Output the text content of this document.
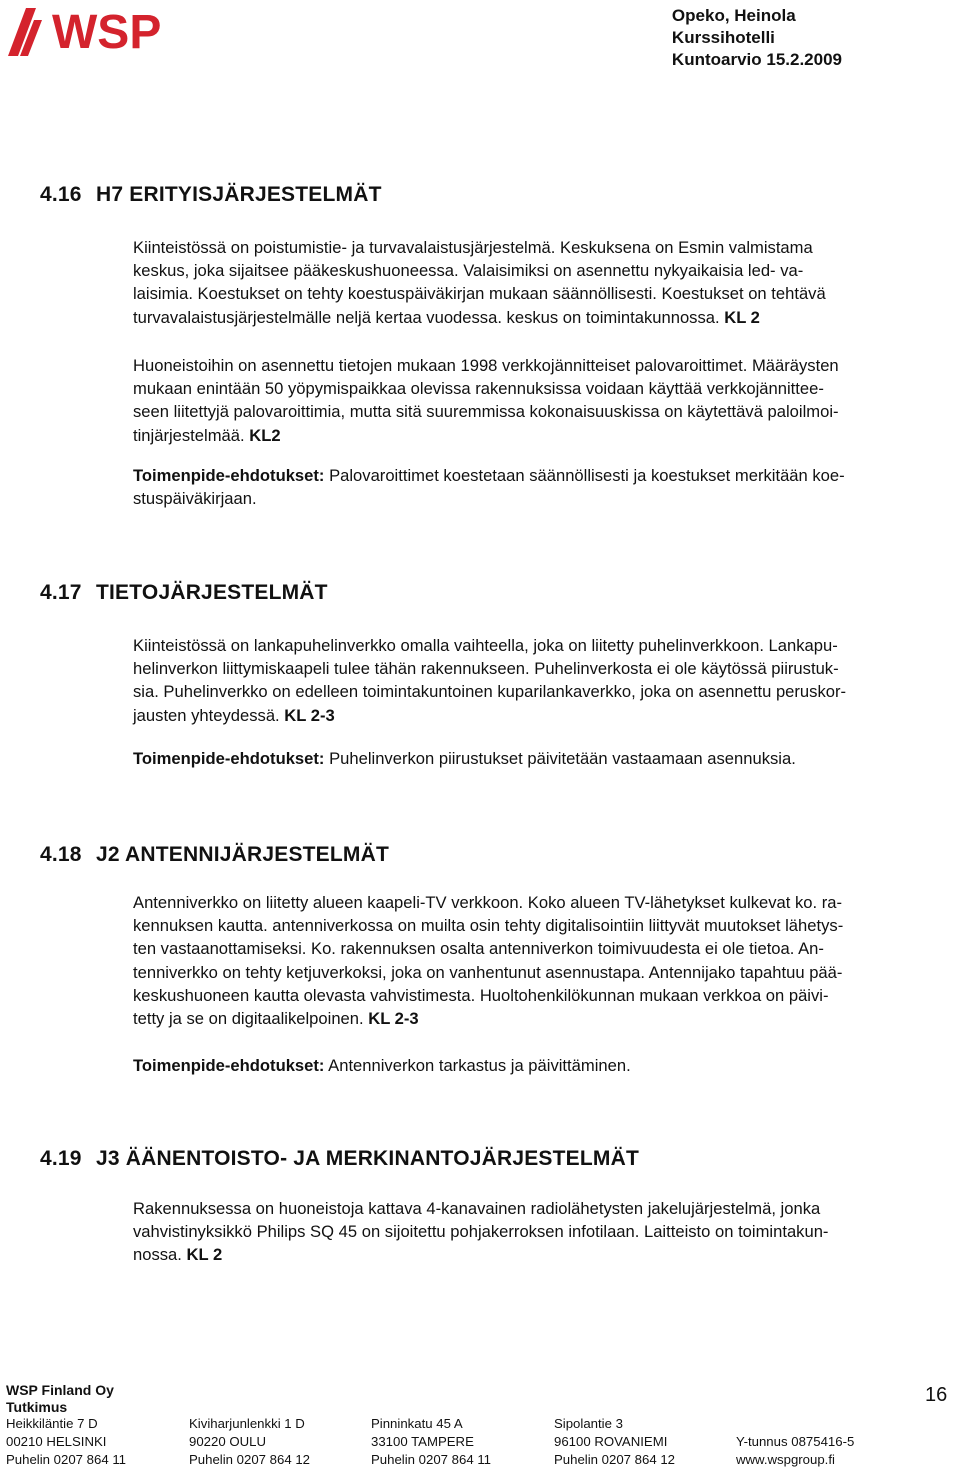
WSP	Opeko, Heinola
Kurssihotelli
Kuntoarvio 15.2.2009
4.16 H7 ERITYISJÄRJESTELMÄT
Kiinteistössä on poistumistie- ja turvavalaistusjärjestelmä. Keskuksena on Esmin valmistama
keskus, joka sijaitsee pääkeskushuoneessa. Valaisimiksi on asennettu nykyaikaisia led- va-
laisimia. Koestukset on tehty koestuspäiväkirjan mukaan säännöllisesti. Koestukset on tehtävä
turvavalaistusjärjestelmälle neljä kertaa vuodessa. keskus on toimintakunnossa. KL 2
Huoneistoihin on asennettu tietojen mukaan 1998 verkkojännitteiset palovaroittimet. Määräysten
mukaan enintään 50 yöpymispaikkaa olevissa rakennuksissa voidaan käyttää verkkojännittee-
seen liitettyjä palovaroittimia, mutta sitä suuremmissa kokonaisuuskissa on käytettävä paloilmoi-
tinjärjestelmää. KL2
Toimenpide-ehdotukset: Palovaroittimet koestetaan säännöllisesti ja koestukset merkitään koe-
stuspäiväkirjaan.
4.17 TIETOJÄRJESTELMÄT
Kiinteistössä on lankapuhelinverkko omalla vaihteella, joka on liitetty puhelinverkkoon. Lankapu-
helinverkon liittymiskaapeli tulee tähän rakennukseen. Puhelinverkosta ei ole käytössä piirustuk-
sia. Puhelinverkko on edelleen toimintakuntoinen kuparilankaverkko, joka on asennettu peruskor-
jausten yhteydessä. KL 2-3
Toimenpide-ehdotukset: Puhelinverkon piirustukset päivitetään vastaamaan asennuksia.
4.18 J2 ANTENNIJÄRJESTELMÄT
Antenniverkko on liitetty alueen kaapeli-TV verkkoon. Koko alueen TV-lähetykset kulkevat ko. ra-
kennuksen kautta. antenniverkossa on muilta osin tehty digitalisointiin liittyvät muutokset lähetys-
ten vastaanottamiseksi. Ko. rakennuksen osalta antenniverkon toimivuudesta ei ole tietoa. An-
tenniverkko on tehty ketjuverkoksi, joka on vanhentunut asennustapa. Antennijako tapahtuu pää-
keskushuoneen kautta olevasta vahvistimesta. Huoltohenkilökunnan mukaan verkkoa on päivi-
tetty ja se on digitaalikelpoinen. KL 2-3
Toimenpide-ehdotukset: Antenniverkon tarkastus ja päivittäminen.
4.19 J3 ÄÄNENTOISTO- JA MERKINANTOJÄRJESTELMÄT
Rakennuksessa on huoneistoja kattava 4-kanavainen radiolähetysten jakelujärjestelmä, jonka
vahvistinyksikkö Philips SQ 45 on sijoitettu pohjakerroksen infotilaan. Laitteisto on toimintakun-
nossa. KL 2
WSP Finland Oy
Tutkimus
16
Heikkiläntie 7 D
00210 HELSINKI
Puhelin 0207 864 11
Kiviharjunlenkki 1 D
90220 OULU
Puhelin 0207 864 12
Pinninkatu 45 A
33100 TAMPERE
Puhelin 0207 864 11
Sipolantie 3
96100 ROVANIEMI
Puhelin 0207 864 12
Y-tunnus 0875416-5
www.wspgroup.fi
